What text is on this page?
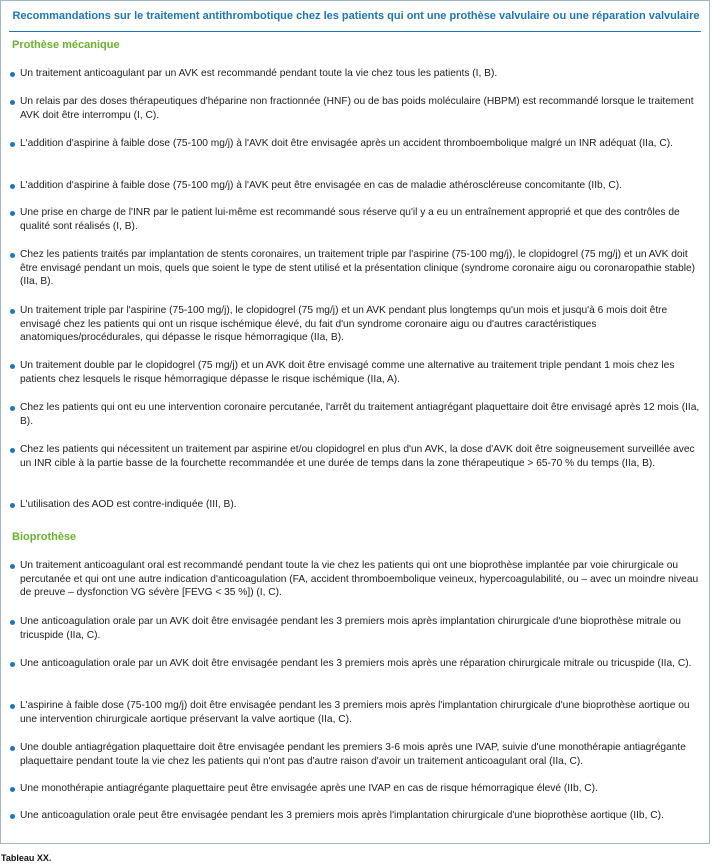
Recommandations sur le traitement antithrombotique chez les patients qui ont une prothèse valvulaire ou une réparation valvulaire
Prothèse mécanique
Un traitement anticoagulant par un AVK est recommandé pendant toute la vie chez tous les patients (I, B).
Un relais par des doses thérapeutiques d'héparine non fractionnée (HNF) ou de bas poids moléculaire (HBPM) est recommandé lorsque le traitement AVK doit être interrompu (I, C).
L'addition d'aspirine à faible dose (75-100 mg/j) à l'AVK doit être envisagée après un accident thromboembolique malgré un INR adéquat (IIa, C).
L'addition d'aspirine à faible dose (75-100 mg/j) à l'AVK peut être envisagée en cas de maladie athéroscléreuse concomitante (IIb, C).
Une prise en charge de l'INR par le patient lui-même est recommandé sous réserve qu'il y a eu un entraînement approprié et que des contrôles de qualité sont réalisés (I, B).
Chez les patients traités par implantation de stents coronaires, un traitement triple par l'aspirine (75-100 mg/j), le clopidogrel (75 mg/j) et un AVK doit être envisagé pendant un mois, quels que soient le type de stent utilisé et la présentation clinique (syndrome coronaire aigu ou coronaropathie stable) (IIa, B).
Un traitement triple par l'aspirine (75-100 mg/j), le clopidogrel (75 mg/j) et un AVK pendant plus longtemps qu'un mois et jusqu'à 6 mois doit être envisagé chez les patients qui ont un risque ischémique élevé, du fait d'un syndrome coronaire aigu ou d'autres caractéristiques anatomiques/procédurales, qui dépasse le risque hémorragique (IIa, B).
Un traitement double par le clopidogrel (75 mg/j) et un AVK doit être envisagé comme une alternative au traitement triple pendant 1 mois chez les patients chez lesquels le risque hémorragique dépasse le risque ischémique (IIa, A).
Chez les patients qui ont eu une intervention coronaire percutanée, l'arrêt du traitement antiagrégant plaquettaire doit être envisagé après 12 mois (IIa, B).
Chez les patients qui nécessitent un traitement par aspirine et/ou clopidogrel en plus d'un AVK, la dose d'AVK doit être soigneusement surveillée avec un INR cible à la partie basse de la fourchette recommandée et une durée de temps dans la zone thérapeutique > 65-70 % du temps (IIa, B).
L'utilisation des AOD est contre-indiquée (III, B).
Bioprothèse
Un traitement anticoagulant oral est recommandé pendant toute la vie chez les patients qui ont une bioprothèse implantée par voie chirurgicale ou percutanée et qui ont une autre indication d'anticoagulation (FA, accident thromboembolique veineux, hypercoagulabilité, ou – avec un moindre niveau de preuve – dysfonction VG sévère [FEVG < 35 %]) (I, C).
Une anticoagulation orale par un AVK doit être envisagée pendant les 3 premiers mois après implantation chirurgicale d'une bioprothèse mitrale ou tricuspide (IIa, C).
Une anticoagulation orale par un AVK doit être envisagée pendant les 3 premiers mois après une réparation chirurgicale mitrale ou tricuspide (IIa, C).
L'aspirine à faible dose (75-100 mg/j) doit être envisagée pendant les 3 premiers mois après l'implantation chirurgicale d'une bioprothèse aortique ou une intervention chirurgicale aortique préservant la valve aortique (IIa, C).
Une double antiagrégation plaquettaire doit être envisagée pendant les premiers 3-6 mois après une IVAP, suivie d'une monothérapie antiagrégante plaquettaire pendant toute la vie chez les patients qui n'ont pas d'autre raison d'avoir un traitement anticoagulant oral (IIa, C).
Une monothérapie antiagrégante plaquettaire peut être envisagée après une IVAP en cas de risque hémorragique élevé (IIb, C).
Une anticoagulation orale peut être envisagée pendant les 3 premiers mois après l'implantation chirurgicale d'une bioprothèse aortique (IIb, C).
Tableau XX.
